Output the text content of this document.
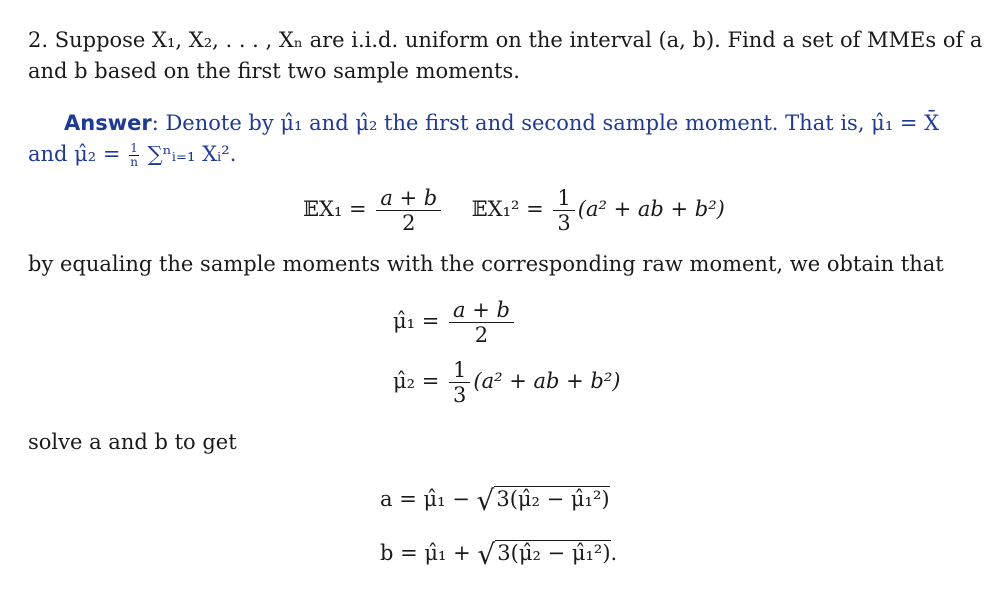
2. Suppose X₁, X₂, . . . , Xₙ are i.i.d. uniform on the interval (a, b). Find a set of MMEs of a
and b based on the first two sample moments.
Answer: Denote by μ̂₁ and μ̂₂ the first and second sample moment. That is, μ̂₁ = X̄
and μ̂₂ = $\frac{1}{n}$ ∑ⁿᵢ₌₁ Xᵢ².
𝔼X₁ = $\frac{a + b}{2}$ 𝔼X₁² = $\frac{1}{3} (a^2$ + ab + b²)
by equaling the sample moments with the corresponding raw moment, we obtain that
μ̂₁ = $\frac{a + b}{2}$
μ̂₂ = $\frac{1}{3} (a^2$ + ab + b²)
solve a and b to get
a = μ̂₁ − √3(μ̂₂ − μ̂₁²)
b = μ̂₁ + √3(μ̂₂ − μ̂₁²).
